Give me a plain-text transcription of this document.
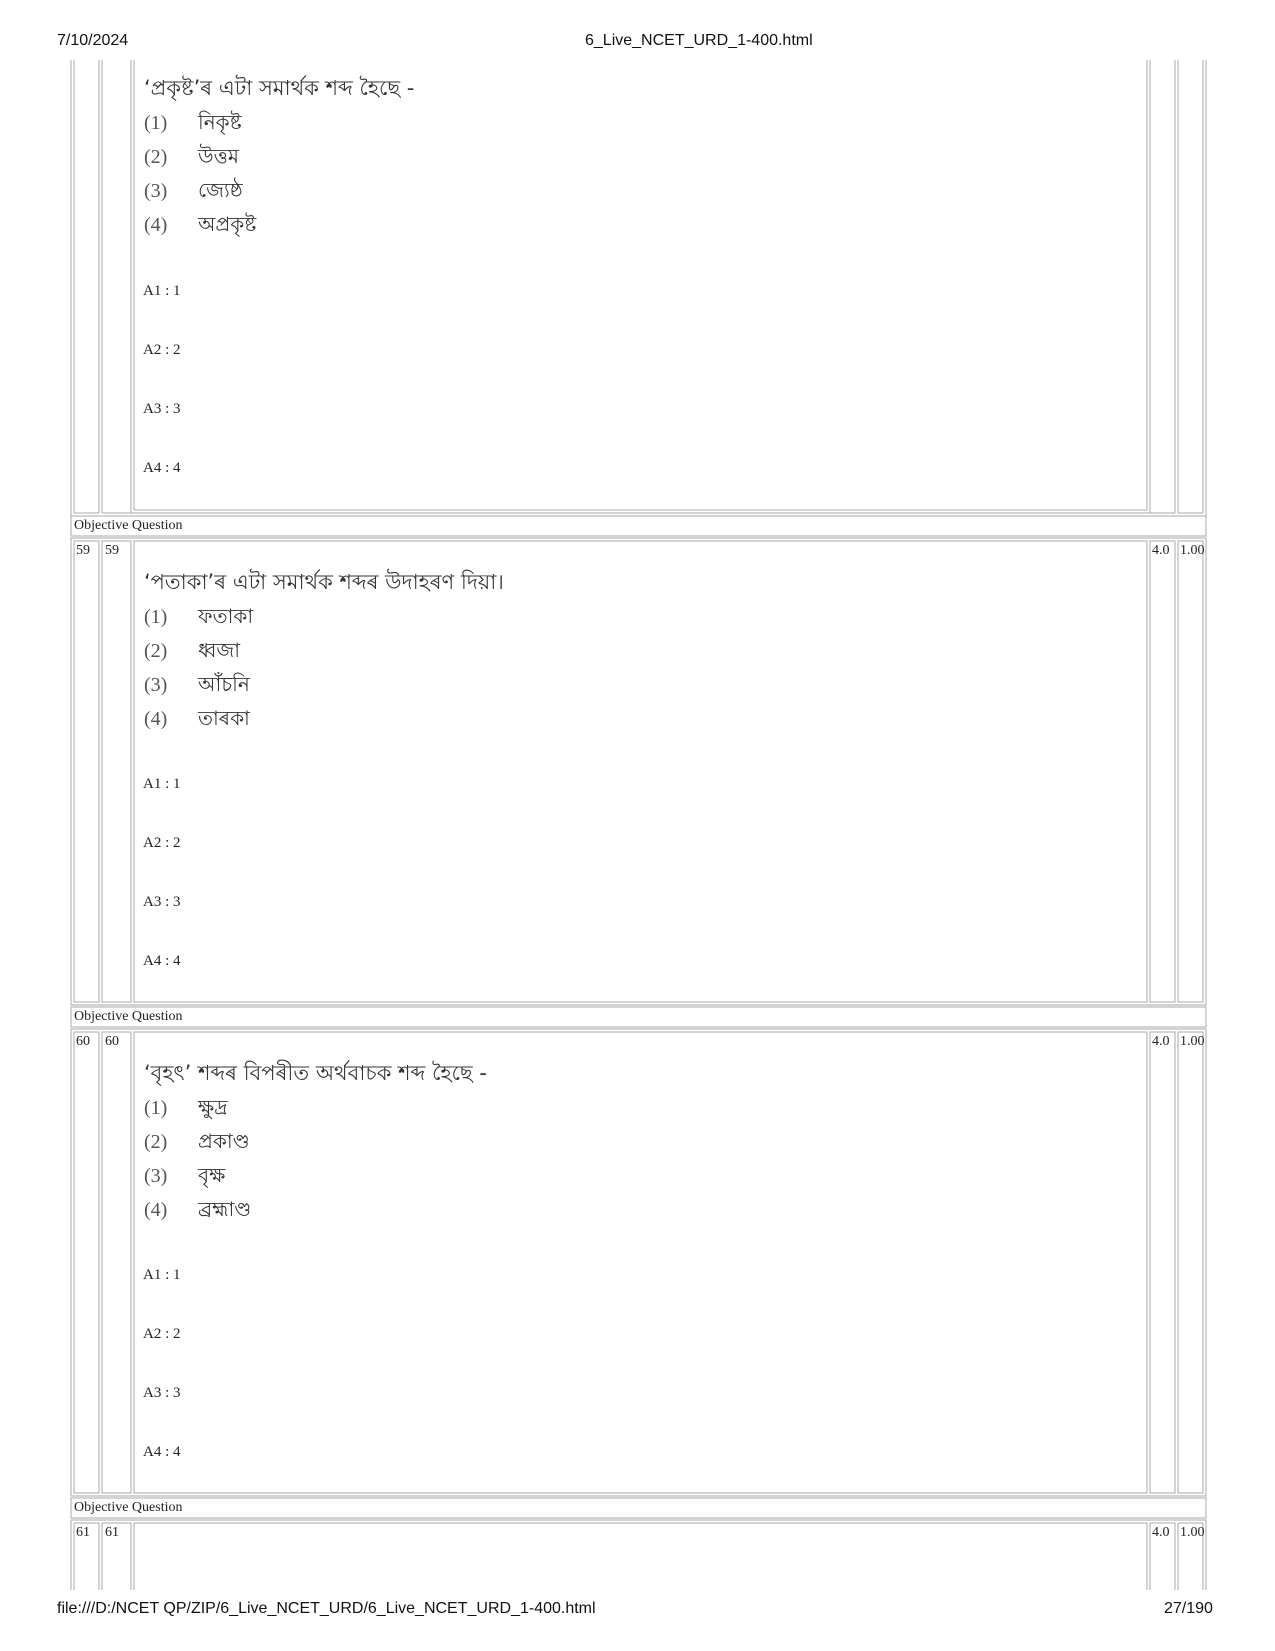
7/10/2024	6_Live_NCET_URD_1-400.html
‘প্ৰকৃষ্ট’ৰ এটা সমাৰ্থক শব্দ হৈছে -
(1) নিকৃষ্ট
(2) উত্তম
(3) জ্যেষ্ঠ
(4) অপ্ৰকৃষ্ট
A1 : 1
A2 : 2
A3 : 3
A4 : 4
Objective Question
59 59	4.0 1.00
‘পতাকা’ৰ এটা সমাৰ্থক শব্দৰ উদাহৰণ দিয়া।
(1) ফতাকা
(2) ধ্বজা
(3) আঁচনি
(4) তাৰকা
A1 : 1
A2 : 2
A3 : 3
A4 : 4
Objective Question
60 60	4.0 1.00
‘বৃহৎ’ শব্দৰ বিপৰীত অৰ্থবাচক শব্দ হৈছে -
(1) ক্ষুদ্ৰ
(2) প্ৰকাণ্ড
(3) বৃক্ষ
(4) ব্ৰহ্মাণ্ড
A1 : 1
A2 : 2
A3 : 3
A4 : 4
Objective Question
61 61	4.0 1.00
file:///D:/NCET QP/ZIP/6_Live_NCET_URD/6_Live_NCET_URD_1-400.html	27/190
